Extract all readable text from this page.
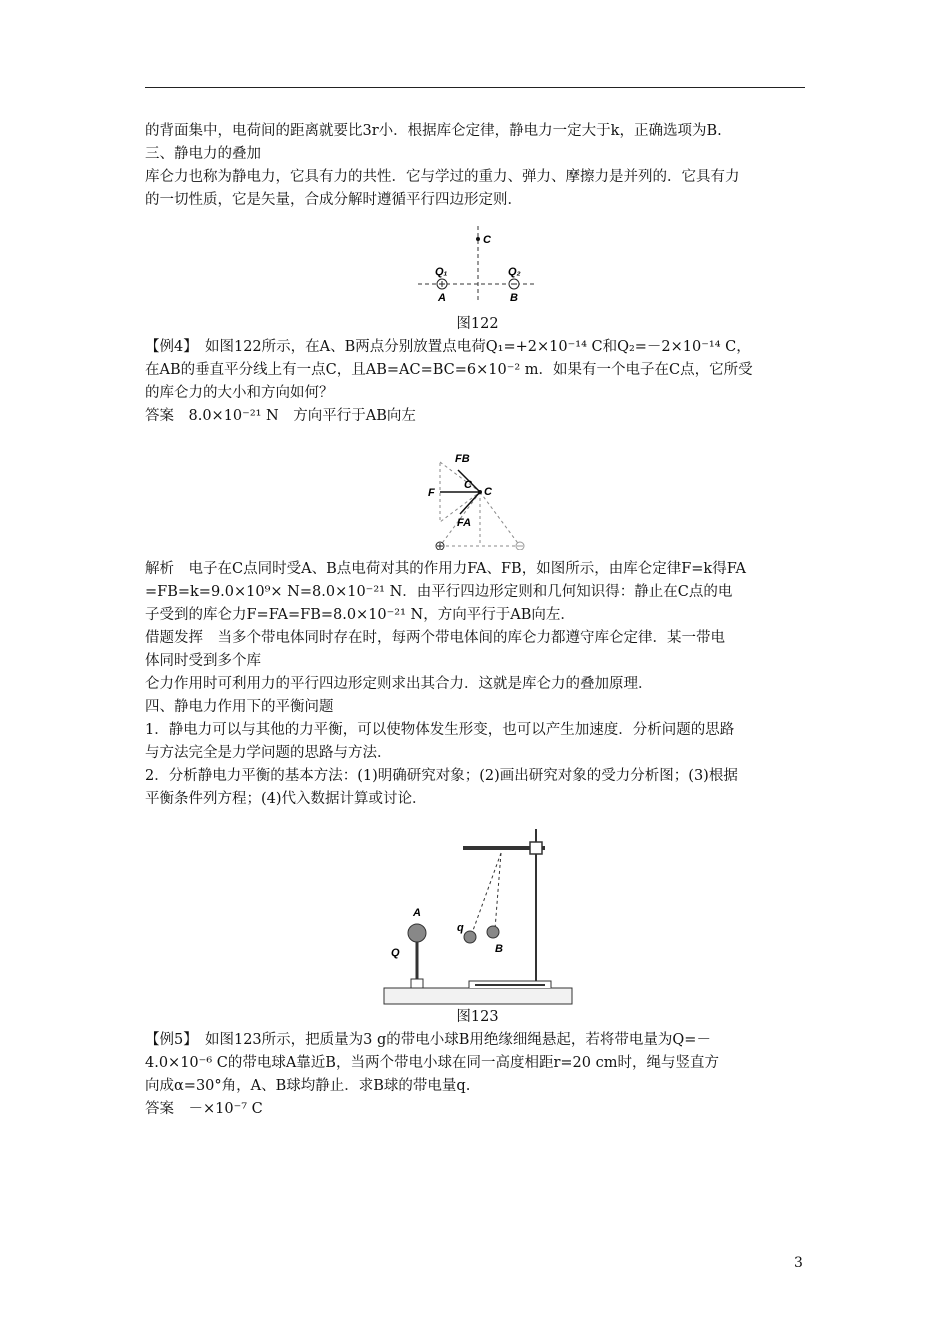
的背面集中，电荷间的距离就要比3r小．根据库仑定律，静电力一定大于k，正确选项为B.

三、静电力的叠加

库仑力也称为静电力，它具有力的共性．它与学过的重力、弹力、摩擦力是并列的．它具有力

的一切性质，它是矢量，合成分解时遵循平行四边形定则．

C
Q₁	Q₂
A	B

图122

【例4】　如图122所示，在A、B两点分别放置点电荷Q₁=+2×10⁻¹⁴ C和Q₂=－2×10⁻¹⁴ C，

在AB的垂直平分线上有一点C，且AB=AC=BC=6×10⁻² m．如果有一个电子在C点，它所受

的库仑力的大小和方向如何？

答案　8.0×10⁻²¹ N　方向平行于AB向左

FB
F
C
C
FA

解析　电子在C点同时受A、B点电荷对其的作用力FA、FB，如图所示，由库仑定律F=k得FA

=FB=k=9.0×10⁹× N=8.0×10⁻²¹ N．由平行四边形定则和几何知识得：静止在C点的电

子受到的库仑力F=FA=FB=8.0×10⁻²¹ N，方向平行于AB向左．

借题发挥　当多个带电体同时存在时，每两个带电体间的库仑力都遵守库仑定律．某一带电

体同时受到多个库

仑力作用时可利用力的平行四边形定则求出其合力．这就是库仑力的叠加原理．

四、静电力作用下的平衡问题

1．静电力可以与其他的力平衡，可以使物体发生形变，也可以产生加速度．分析问题的思路

与方法完全是力学问题的思路与方法．

2．分析静电力平衡的基本方法：(1)明确研究对象；(2)画出研究对象的受力分析图；(3)根据

平衡条件列方程；(4)代入数据计算或讨论．

A
Q
q
B

图123

【例5】　如图123所示，把质量为3 g的带电小球B用绝缘细绳悬起，若将带电量为Q=－

4.0×10⁻⁶ C的带电球A靠近B，当两个带电小球在同一高度相距r=20 cm时，绳与竖直方

向成α=30°角，A、B球均静止．求B球的带电量q.

答案　－×10⁻⁷ C

3
